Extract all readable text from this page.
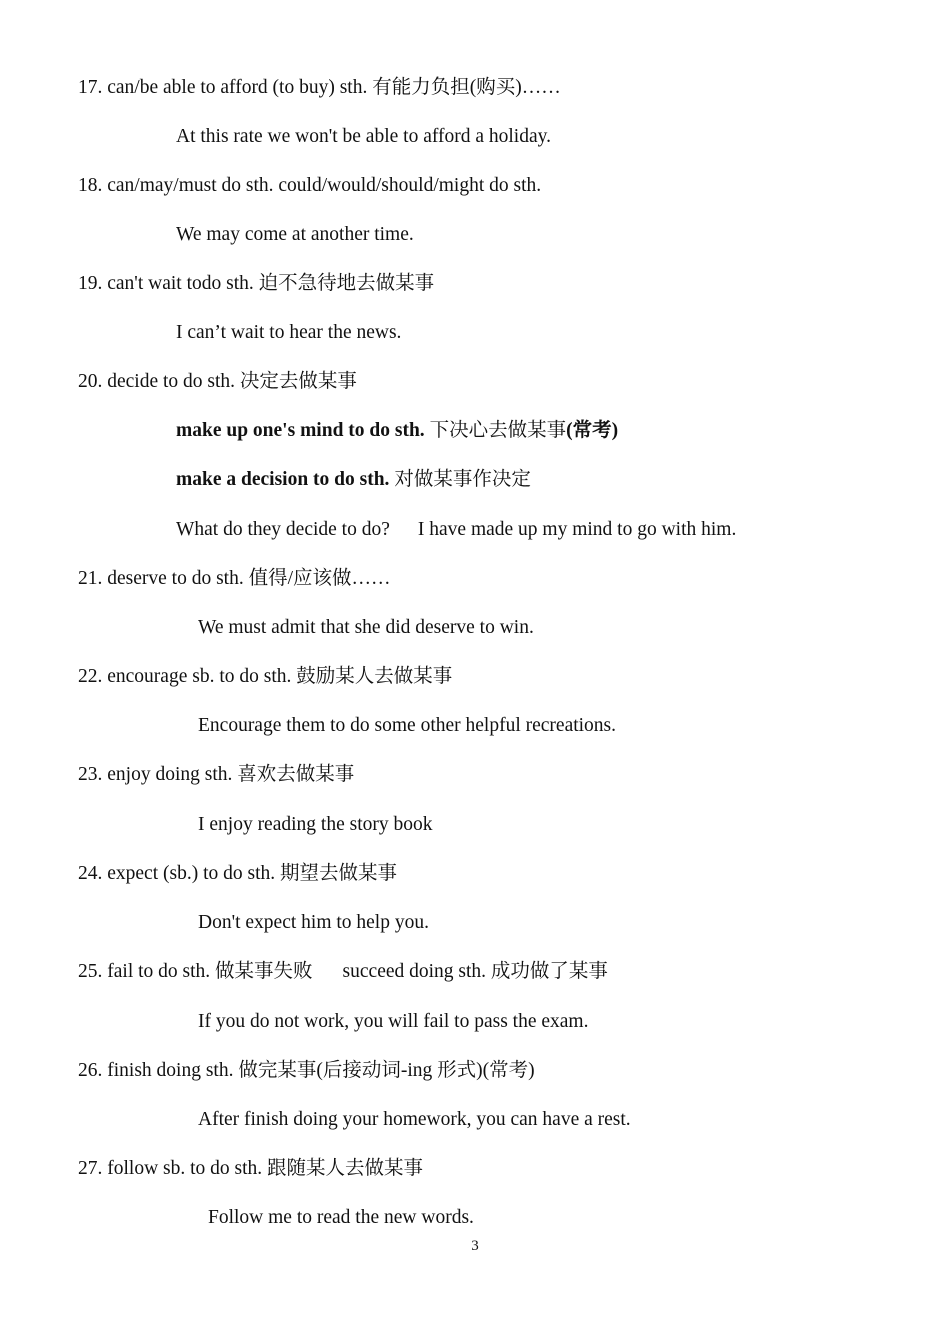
17. can/be able to afford (to buy) sth. 有能力负担(购买)……
At this rate we won't be able to afford a holiday.
18. can/may/must do sth. could/would/should/might do sth.
We may come at another time.
19. can't wait todo sth. 迫不急待地去做某事
I can’t wait to hear the news.
20. decide to do sth. 决定去做某事
make up one's mind to do sth. 下决心去做某事(常考)
make a decision to do sth. 对做某事作决定
What do they decide to do? I have made up my mind to go with him.
21. deserve to do sth. 值得/应该做……
We must admit that she did deserve to win.
22. encourage sb. to do sth. 鼓励某人去做某事
Encourage them to do some other helpful recreations.
23. enjoy doing sth. 喜欢去做某事
I enjoy reading the story book
24. expect (sb.) to do sth. 期望去做某事
Don't expect him to help you.
25. fail to do sth. 做某事失败 succeed doing sth. 成功做了某事
If you do not work, you will fail to pass the exam.
26. finish doing sth. 做完某事(后接动词-ing 形式)(常考)
After finish doing your homework, you can have a rest.
27. follow sb. to do sth. 跟随某人去做某事
Follow me to read the new words.
3
